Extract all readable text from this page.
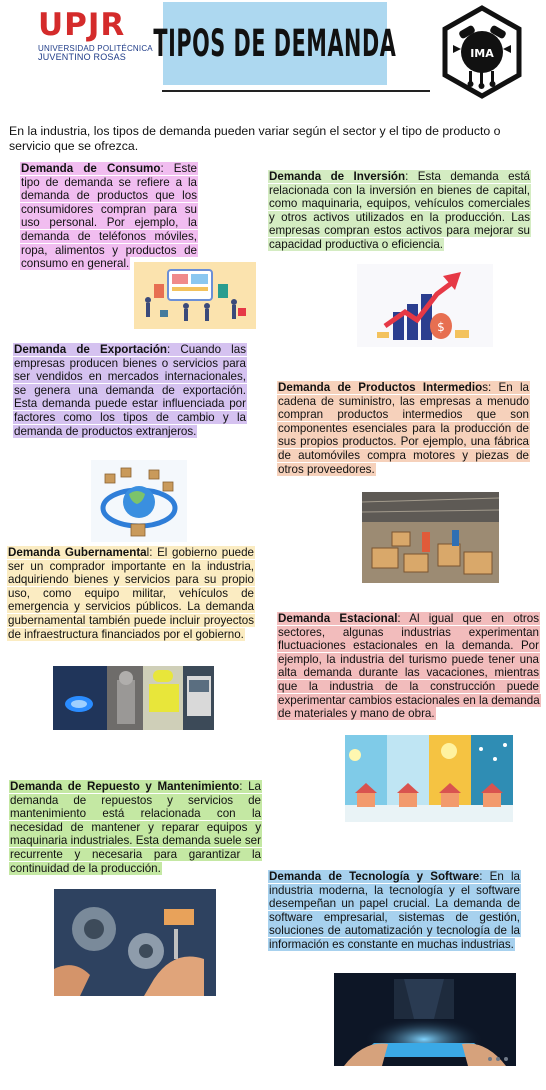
UPJR
UNIVERSIDAD POLITÉCNICA
JUVENTINO ROSAS TIPOS DE DEMANDA	IMA
En la industria, los tipos de demanda pueden variar según el sector y el tipo de producto o servicio que se ofrezca.
Demanda de Consumo: Este tipo de demanda se refiere a la demanda de productos que los consumidores compran para su uso personal. Por ejemplo, la demanda de teléfonos móviles, ropa, alimentos y productos de consumo en general.
Demanda de Inversión: Esta demanda está relacionada con la inversión en bienes de capital, como maquinaria, equipos, vehículos comerciales y otros activos utilizados en la producción. Las empresas compran estos activos para mejorar su capacidad productiva o eficiencia.
$
Demanda de Exportación: Cuando las empresas producen bienes o servicios para ser vendidos en mercados internacionales, se genera una demanda de exportación. Esta demanda puede estar influenciada por factores como los tipos de cambio y la demanda de productos extranjeros.
Demanda de Productos Intermedios: En la cadena de suministro, las empresas a menudo compran productos intermedios que son componentes esenciales para la producción de sus propios productos. Por ejemplo, una fábrica de automóviles compra motores y piezas de otros proveedores.
Demanda Gubernamental: El gobierno puede ser un comprador importante en la industria, adquiriendo bienes y servicios para su propio uso, como equipo militar, vehículos de emergencia y servicios públicos. La demanda gubernamental también puede incluir proyectos de infraestructura financiados por el gobierno.
Demanda Estacional: Al igual que en otros sectores, algunas industrias experimentan fluctuaciones estacionales en la demanda. Por ejemplo, la industria del turismo puede tener una alta demanda durante las vacaciones, mientras que la industria de la construcción puede experimentar cambios estacionales en la demanda de materiales y mano de obra.
Demanda de Repuesto y Mantenimiento: La demanda de repuestos y servicios de mantenimiento está relacionada con la necesidad de mantener y reparar equipos y maquinaria industriales. Esta demanda suele ser recurrente y necesaria para garantizar la continuidad de la producción.
Demanda de Tecnología y Software: En la industria moderna, la tecnología y el software desempeñan un papel crucial. La demanda de software empresarial, sistemas de gestión, soluciones de automatización y tecnología de la información es constante en muchas industrias.
